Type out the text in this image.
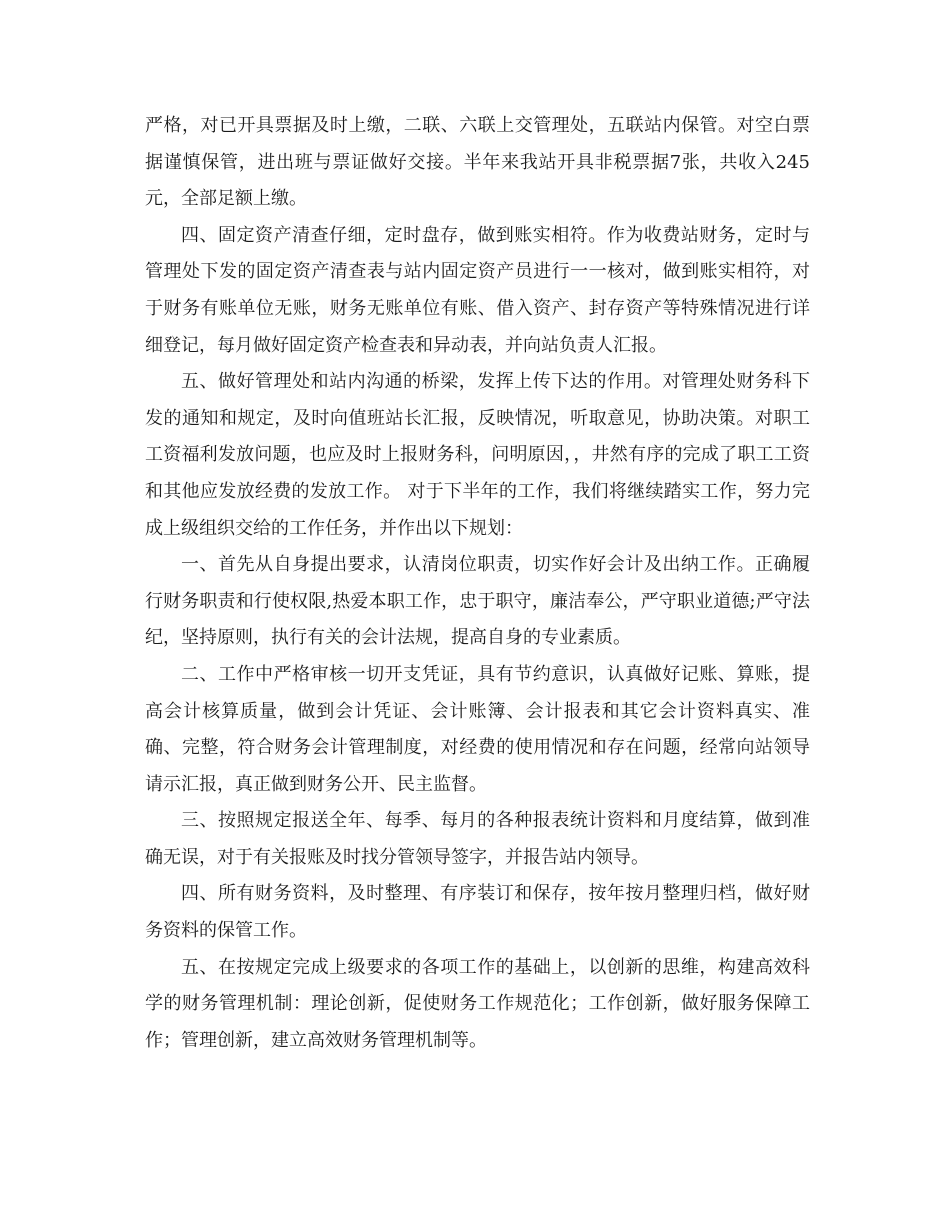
严格，对已开具票据及时上缴，二联、六联上交管理处，五联站内保管。对空白票据谨慎保管，进出班与票证做好交接。半年来我站开具非税票据7张，共收入245元，全部足额上缴。

四、固定资产清查仔细，定时盘存，做到账实相符。作为收费站财务，定时与管理处下发的固定资产清查表与站内固定资产员进行一一核对，做到账实相符，对于财务有账单位无账，财务无账单位有账、借入资产、封存资产等特殊情况进行详细登记，每月做好固定资产检查表和异动表，并向站负责人汇报。

五、做好管理处和站内沟通的桥梁，发挥上传下达的作用。对管理处财务科下发的通知和规定，及时向值班站长汇报，反映情况，听取意见，协助决策。对职工工资福利发放问题，也应及时上报财务科，问明原因，，井然有序的完成了职工工资和其他应发放经费的发放工作。 对于下半年的工作，我们将继续踏实工作，努力完成上级组织交给的工作任务，并作出以下规划：

一、首先从自身提出要求，认清岗位职责，切实作好会计及出纳工作。正确履行财务职责和行使权限,热爱本职工作，忠于职守，廉洁奉公，严守职业道德;严守法纪，坚持原则，执行有关的会计法规，提高自身的专业素质。

二、工作中严格审核一切开支凭证，具有节约意识，认真做好记账、算账，提高会计核算质量，做到会计凭证、会计账簿、会计报表和其它会计资料真实、准确、完整，符合财务会计管理制度，对经费的使用情况和存在问题，经常向站领导请示汇报，真正做到财务公开、民主监督。

三、按照规定报送全年、每季、每月的各种报表统计资料和月度结算，做到准确无误，对于有关报账及时找分管领导签字，并报告站内领导。

四、所有财务资料，及时整理、有序装订和保存，按年按月整理归档，做好财务资料的保管工作。

五、在按规定完成上级要求的各项工作的基础上，以创新的思维，构建高效科学的财务管理机制：理论创新，促使财务工作规范化；工作创新，做好服务保障工作；管理创新，建立高效财务管理机制等。
